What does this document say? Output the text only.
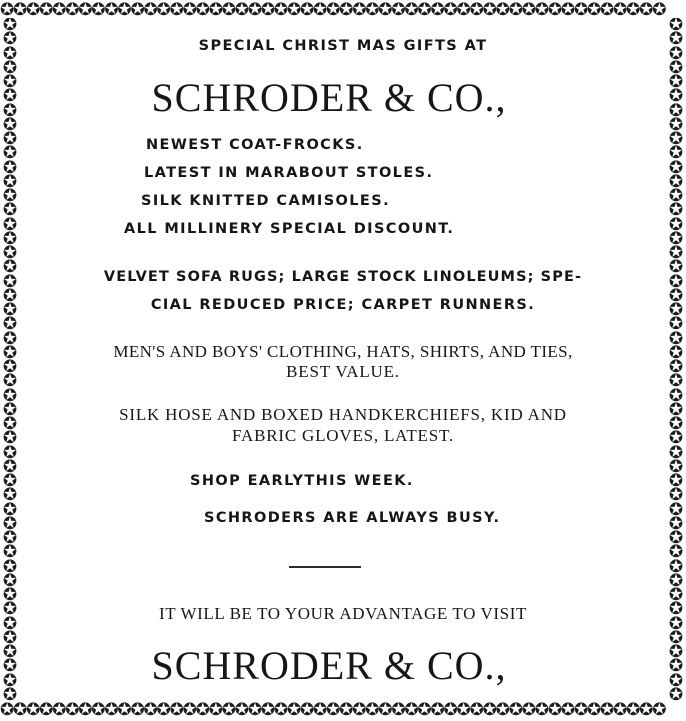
✪✪✪✪✪✪✪✪✪✪✪✪✪✪✪✪✪✪✪✪✪✪✪✪✪✪✪✪✪✪✪✪✪✪✪✪✪✪✪✪✪✪✪✪✪✪✪✪✪✪✪
✪✪✪✪✪✪✪✪✪✪✪✪✪✪✪✪✪✪✪✪✪✪✪✪✪✪✪✪✪✪✪✪✪✪✪✪✪✪✪✪✪✪✪✪✪✪✪✪✪✪✪
✪ ✪ ✪ ✪ ✪ ✪ ✪ ✪ ✪ ✪ ✪ ✪ ✪ ✪ ✪ ✪ ✪ ✪ ✪ ✪ ✪ ✪ ✪ ✪ ✪ ✪ ✪ ✪ ✪ ✪ ✪ ✪ ✪ ✪ ✪ ✪ ✪ ✪ ✪ ✪ ✪ ✪ ✪ ✪ ✪ ✪ ✪ ✪
✪ ✪ ✪ ✪ ✪ ✪ ✪ ✪ ✪ ✪ ✪ ✪ ✪ ✪ ✪ ✪ ✪ ✪ ✪ ✪ ✪ ✪ ✪ ✪ ✪ ✪ ✪ ✪ ✪ ✪ ✪ ✪ ✪ ✪ ✪ ✪ ✪ ✪ ✪ ✪ ✪ ✪ ✪ ✪ ✪ ✪ ✪ ✪
SPECIAL CHRIST MAS GIFTS AT
SCHRODER & CO.,
NEWEST COAT-FROCKS.
LATEST IN MARABOUT STOLES.
SILK KNITTED CAMISOLES.
ALL MILLINERY SPECIAL DISCOUNT.
VELVET SOFA RUGS; LARGE STOCK LINOLEUMS; SPE-
CIAL REDUCED PRICE; CARPET RUNNERS.
MEN'S AND BOYS' CLOTHING, HATS, SHIRTS, AND TIES,
BEST VALUE.
SILK HOSE AND BOXED HANDKERCHIEFS, KID AND
FABRIC GLOVES, LATEST.
SHOP EARLYTHIS WEEK.
SCHRODERS ARE ALWAYS BUSY.
IT WILL BE TO YOUR ADVANTAGE TO VISIT
SCHRODER & CO.,
